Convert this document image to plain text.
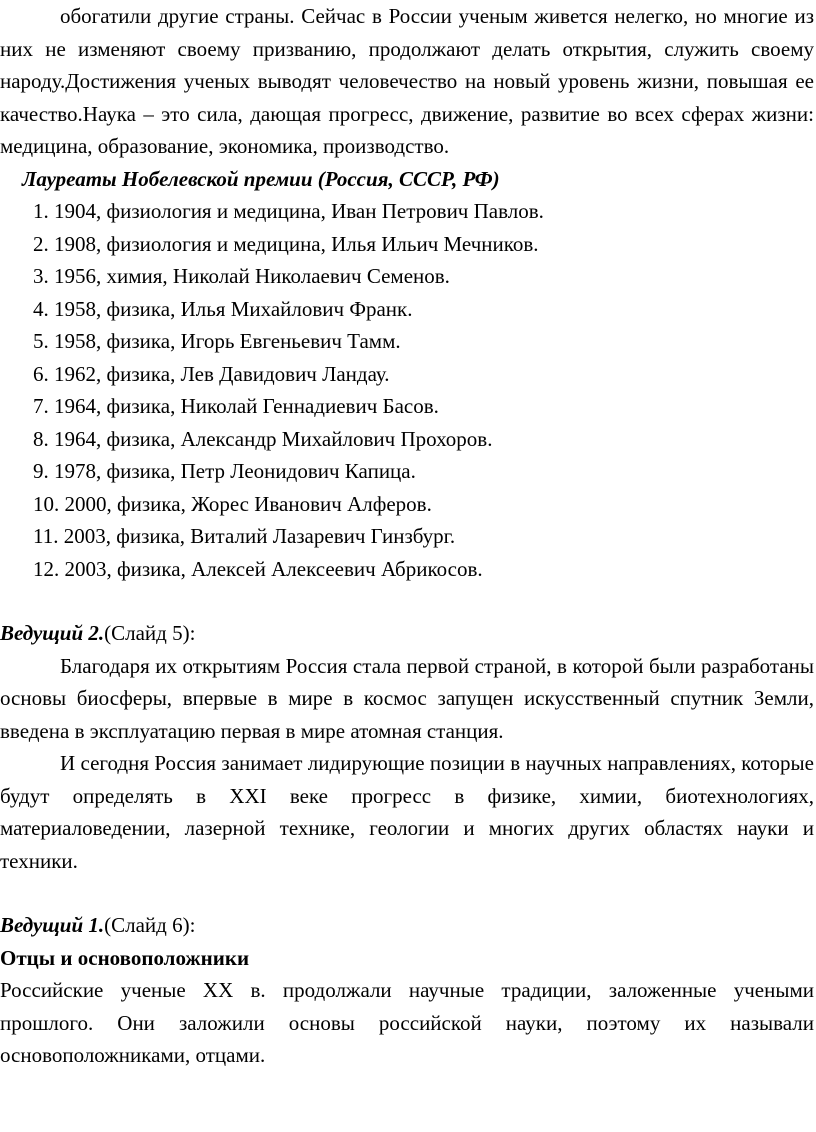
обогатили другие страны. Сейчас в России ученым живется нелегко, но многие из них не изменяют своему призванию, продолжают делать открытия, служить своему народу.Достижения ученых выводят человечество на новый уровень жизни, повышая ее качество.Наука – это сила, дающая прогресс, движение, развитие во всех сферах жизни: медицина, образование, экономика, производство.

Лауреаты Нобелевской премии (Россия, СССР, РФ)
1. 1904, физиология и медицина, Иван Петрович Павлов.
2. 1908, физиология и медицина, Илья Ильич Мечников.
3. 1956, химия, Николай Николаевич Семенов.
4. 1958, физика, Илья Михайлович Франк.
5. 1958, физика, Игорь Евгеньевич Тамм.
6. 1962, физика, Лев Давидович Ландау.
7. 1964, физика, Николай Геннадиевич Басов.
8. 1964, физика, Александр Михайлович Прохоров.
9. 1978, физика, Петр Леонидович Капица.
10. 2000, физика, Жорес Иванович Алферов.
11. 2003, физика, Виталий Лазаревич Гинзбург.
12. 2003, физика, Алексей Алексеевич Абрикосов.

Ведущий 2.(Слайд 5):

Благодаря их открытиям Россия стала первой страной, в которой были разработаны основы биосферы, впервые в мире в космос запущен искусственный спутник Земли, введена в эксплуатацию первая в мире атомная станция.

И сегодня Россия занимает лидирующие позиции в научных направлениях, которые будут определять в XXI веке прогресс в физике, химии, биотехнологиях, материаловедении, лазерной технике, геологии и многих других областях науки и техники.

Ведущий 1.(Слайд 6):

Отцы и основоположники

Российские ученые XX в. продолжали научные традиции, заложенные учеными прошлого. Они заложили основы российской науки, поэтому их называли основоположниками, отцами.
